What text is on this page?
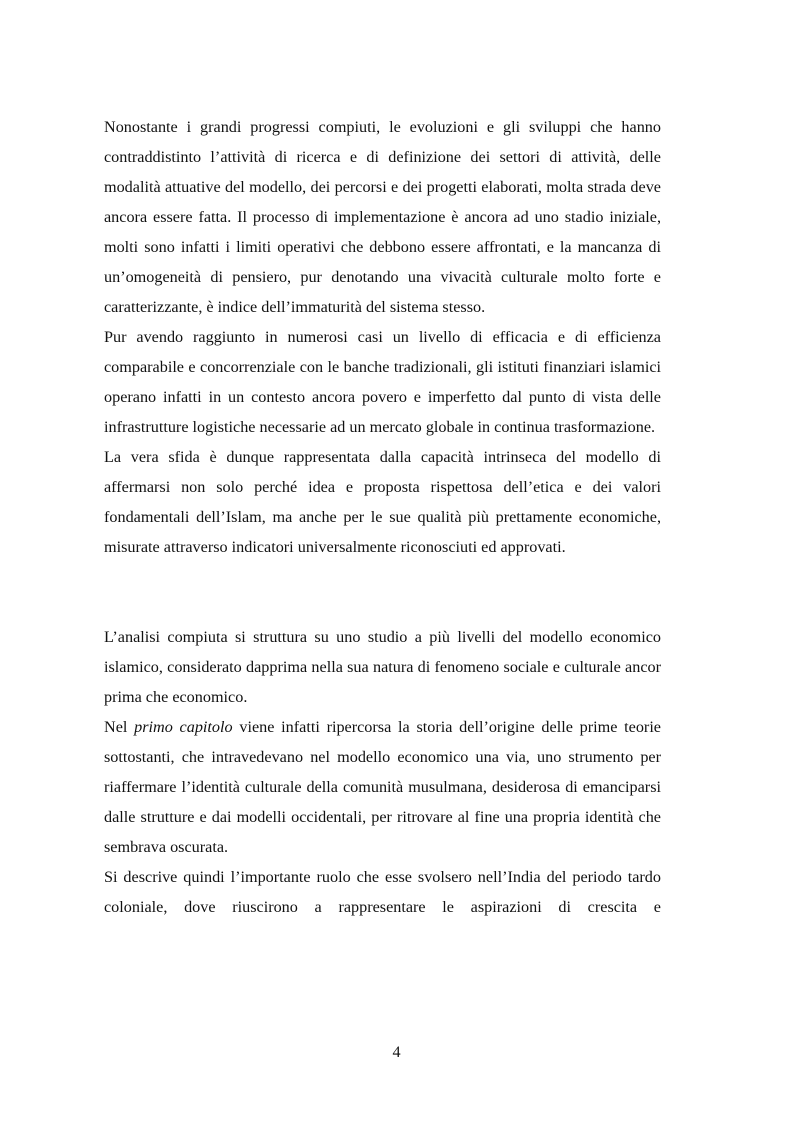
Nonostante i grandi progressi compiuti, le evoluzioni e gli sviluppi che hanno contraddistinto l’attività di ricerca e di definizione dei settori di attività, delle modalità attuative del modello, dei percorsi e dei progetti elaborati, molta strada deve ancora essere fatta. Il processo di implementazione è ancora ad uno stadio iniziale, molti sono infatti i limiti operativi che debbono essere affrontati, e la mancanza di un’omogeneità di pensiero, pur denotando una vivacità culturale molto forte e caratterizzante, è indice dell’immaturità del sistema stesso.

Pur avendo raggiunto in numerosi casi un livello di efficacia e di efficienza comparabile e concorrenziale con le banche tradizionali, gli istituti finanziari islamici operano infatti in un contesto ancora povero e imperfetto dal punto di vista delle infrastrutture logistiche necessarie ad un mercato globale in continua trasformazione.

La vera sfida è dunque rappresentata dalla capacità intrinseca del modello di affermarsi non solo perché idea e proposta rispettosa dell’etica e dei valori fondamentali dell’Islam, ma anche per le sue qualità più prettamente economiche, misurate attraverso indicatori universalmente riconosciuti ed approvati.

L’analisi compiuta si struttura su uno studio a più livelli del modello economico islamico, considerato dapprima nella sua natura di fenomeno sociale e culturale ancor prima che economico.

Nel primo capitolo viene infatti ripercorsa la storia dell’origine delle prime teorie sottostanti, che intravedevano nel modello economico una via, uno strumento per riaffermare l’identità culturale della comunità musulmana, desiderosa di emanciparsi dalle strutture e dai modelli occidentali, per ritrovare al fine una propria identità che sembrava oscurata.

Si descrive quindi l’importante ruolo che esse svolsero nell’India del periodo tardo coloniale, dove riuscirono a rappresentare le aspirazioni di crescita e

4
